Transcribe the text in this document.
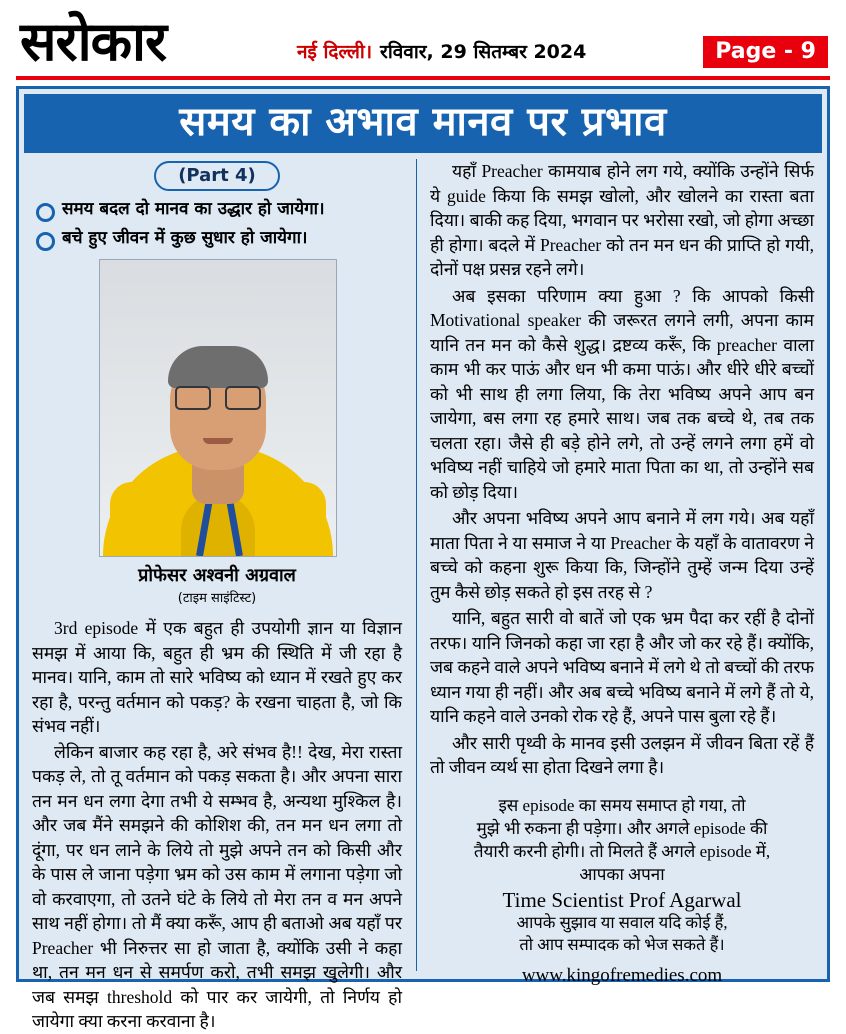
सरोकार	नई दिल्ली। रविवार, 29 सितम्बर 2024	Page - 9
समय का अभाव मानव पर प्रभाव
(Part 4)
समय बदल दो मानव का उद्धार हो जायेगा।
बचे हुए जीवन में कुछ सुधार हो जायेगा।
प्रोफेसर अश्वनी अग्रवाल
(टाइम साइंटिस्ट)

3rd episode में एक बहुत ही उपयोगी ज्ञान या विज्ञान समझ में आया कि, बहुत ही भ्रम की स्थिति में जी रहा है मानव। यानि, काम तो सारे भविष्य को ध्यान में रखते हुए कर रहा है, परन्तु वर्तमान को पकड़? के रखना चाहता है, जो कि संभव नहीं।

लेकिन बाजार कह रहा है, अरे संभव है!! देख, मेरा रास्ता पकड़ ले, तो तू वर्तमान को पकड़ सकता है। और अपना सारा तन मन धन लगा देगा तभी ये सम्भव है, अन्यथा मुश्किल है। और जब मैंने समझने की कोशिश की, तन मन धन लगा तो दूंगा, पर धन लाने के लिये तो मुझे अपने तन को किसी और के पास ले जाना पड़ेगा भ्रम को उस काम में लगाना पड़ेगा जो वो करवाएगा, तो उतने घंटे के लिये तो मेरा तन व मन अपने साथ नहीं होगा। तो मैं क्या करूँ, आप ही बताओ अब यहाँ पर Preacher भी निरुत्तर सा हो जाता है, क्योंकि उसी ने कहा था, तन मन धन से समर्पण करो, तभी समझ खुलेगी। और जब समझ threshold को पार कर जायेगी, तो निर्णय हो जायेगा क्या करना करवाना है।

यहाँ Preacher कामयाब होने लग गये, क्योंकि उन्होंने सिर्फ ये guide किया कि समझ खोलो, और खोलने का रास्ता बता दिया। बाकी कह दिया, भगवान पर भरोसा रखो, जो होगा अच्छा ही होगा। बदले में Preacher को तन मन धन की प्राप्ति हो गयी, दोनों पक्ष प्रसन्न रहने लगे।

अब इसका परिणाम क्या हुआ ? कि आपको किसी Motivational speaker की जरूरत लगने लगी, अपना काम यानि तन मन को कैसे शुद्ध। द्रष्टव्य करूँ, कि preacher वाला काम भी कर पाऊं और धन भी कमा पाऊं। और धीरे धीरे बच्चों को भी साथ ही लगा लिया, कि तेरा भविष्य अपने आप बन जायेगा, बस लगा रह हमारे साथ। जब तक बच्चे थे, तब तक चलता रहा। जैसे ही बड़े होने लगे, तो उन्हें लगने लगा हमें वो भविष्य नहीं चाहिये जो हमारे माता पिता का था, तो उन्होंने सब को छोड़ दिया।

और अपना भविष्य अपने आप बनाने में लग गये। अब यहाँ माता पिता ने या समाज ने या Preacher के यहाँ के वातावरण ने बच्चे को कहना शुरू किया कि, जिन्होंने तुम्हें जन्म दिया उन्हें तुम कैसे छोड़ सकते हो इस तरह से ?

यानि, बहुत सारी वो बातें जो एक भ्रम पैदा कर रहीं है दोनों तरफ। यानि जिनको कहा जा रहा है और जो कर रहे हैं। क्योंकि, जब कहने वाले अपने भविष्य बनाने में लगे थे तो बच्चों की तरफ ध्यान गया ही नहीं। और अब बच्चे भविष्य बनाने में लगे हैं तो ये, यानि कहने वाले उनको रोक रहे हैं, अपने पास बुला रहे हैं।

और सारी पृथ्वी के मानव इसी उलझन में जीवन बिता रहें हैं तो जीवन व्यर्थ सा होता दिखने लगा है।

इस episode का समय समाप्त हो गया, तो
मुझे भी रुकना ही पड़ेगा। और अगले episode की
तैयारी करनी होगी। तो मिलते हैं अगले episode में,
आपका अपना
Time Scientist Prof Agarwal
आपके सुझाव या सवाल यदि कोई हैं,
तो आप सम्पादक को भेज सकते हैं।
www.kingofremedies.com
